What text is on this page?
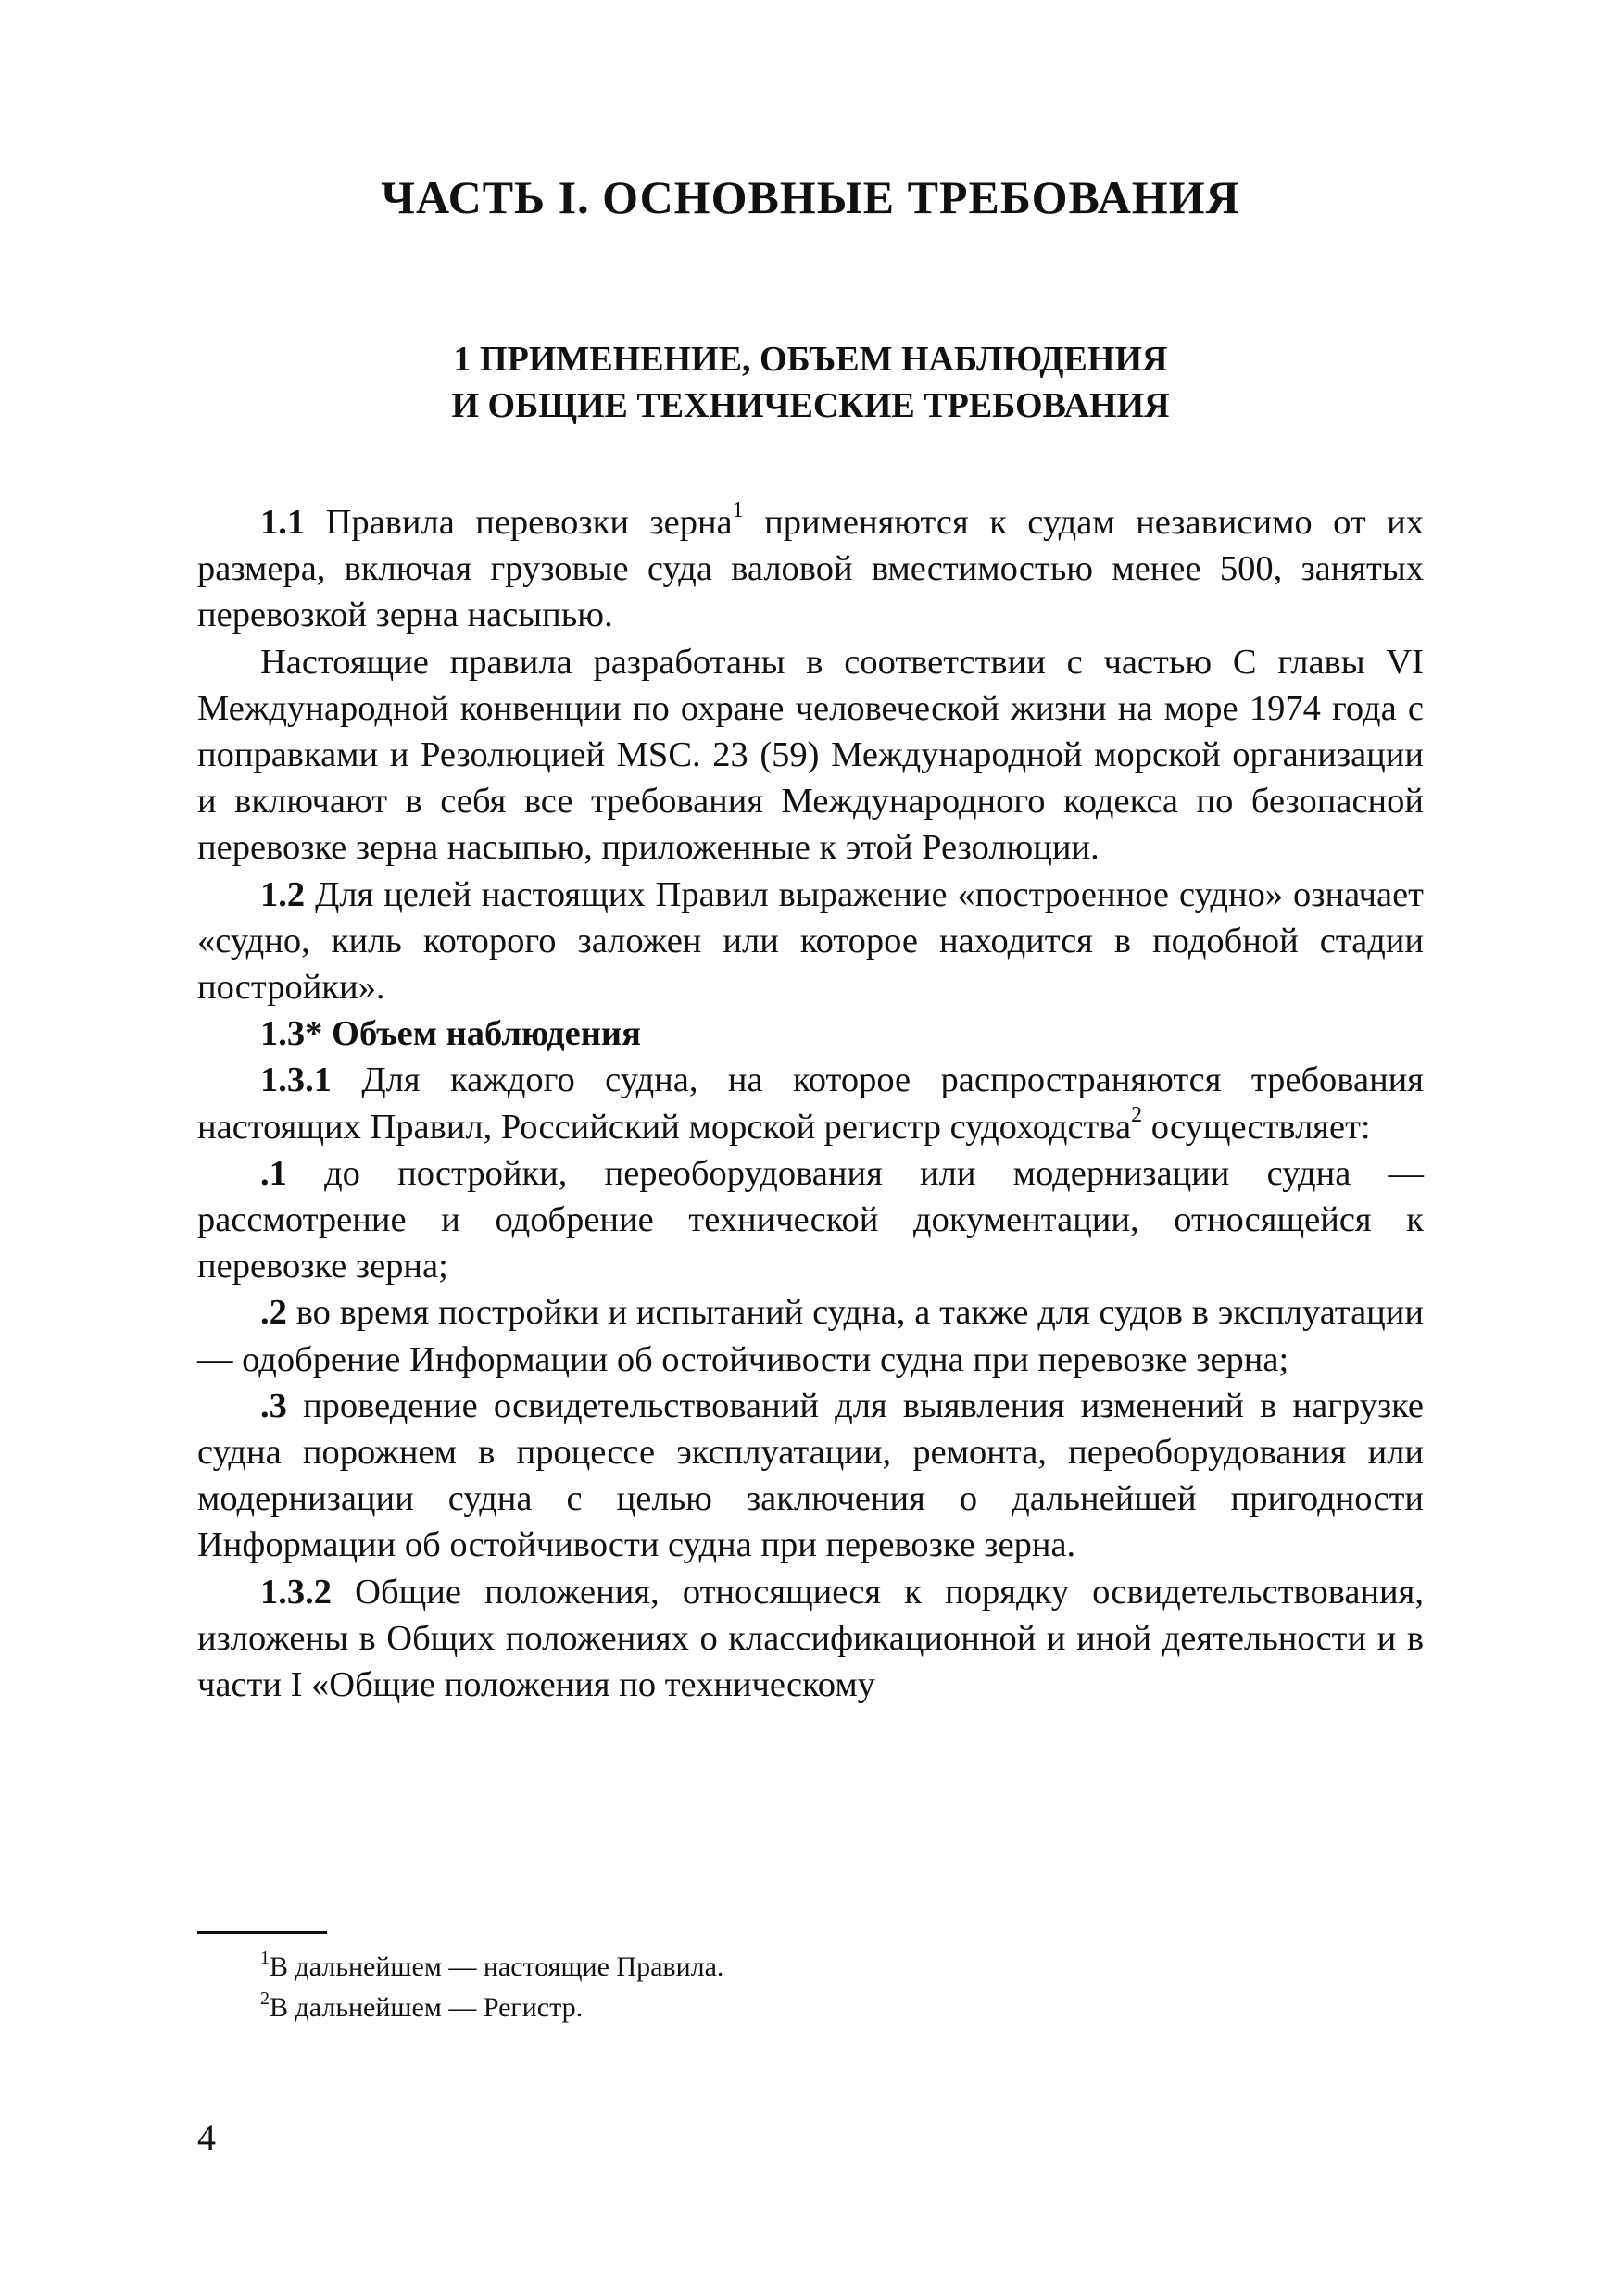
ЧАСТЬ I. ОСНОВНЫЕ ТРЕБОВАНИЯ
1 ПРИМЕНЕНИЕ, ОБЪЕМ НАБЛЮДЕНИЯ
И ОБЩИЕ ТЕХНИЧЕСКИЕ ТРЕБОВАНИЯ

1.1 Правила перевозки зерна$^1$ применяются к судам независимо от их размера, включая грузовые суда валовой вместимостью менее 500, занятых перевозкой зерна насыпью.

Настоящие правила разработаны в соответствии с частью C главы VI Международной конвенции по охране человеческой жизни на море 1974 года с поправками и Резолюцией MSC. 23 (59) Международной морской организации и включают в себя все требования Международного кодекса по безопасной перевозке зерна насыпью, приложенные к этой Резолюции.

1.2 Для целей настоящих Правил выражение «построенное судно» означает «судно, киль которого заложен или которое находится в подобной стадии постройки».

1.3* Объем наблюдения

1.3.1 Для каждого судна, на которое распространяются требования настоящих Правил, Российский морской регистр судоходства$^2$ осуществляет:

.1 до постройки, переоборудования или модернизации судна — рассмотрение и одобрение технической документации, относящейся к перевозке зерна;

.2 во время постройки и испытаний судна, а также для судов в эксплуатации — одобрение Информации об остойчивости судна при перевозке зерна;

.3 проведение освидетельствований для выявления изменений в нагрузке судна порожнем в процессе эксплуатации, ремонта, переоборудования или модернизации судна с целью заключения о дальнейшей пригодности Информации об остойчивости судна при перевозке зерна.

1.3.2 Общие положения, относящиеся к порядку освидетельствования, изложены в Общих положениях о классификационной и иной деятельности и в части I «Общие положения по техническому

$^1$В дальнейшем — настоящие Правила.
$^2$В дальнейшем — Регистр.
4
